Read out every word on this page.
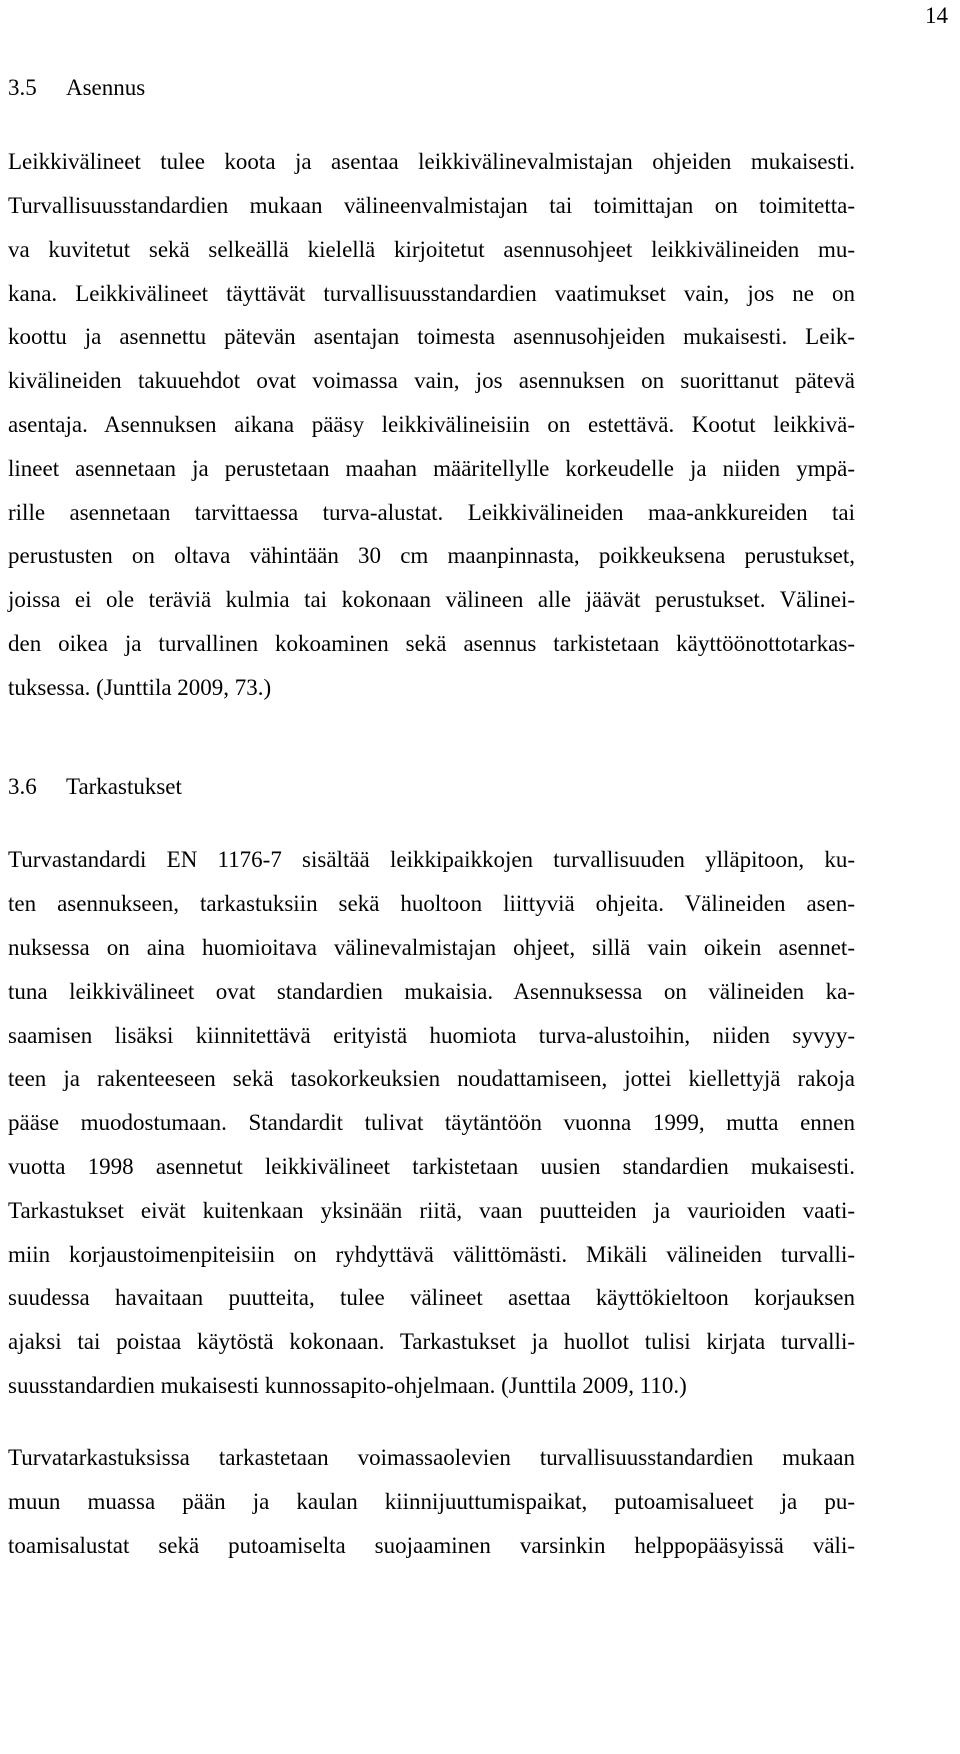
14
3.5 Asennus
Leikkivälineet tulee koota ja asentaa leikkivälinevalmistajan ohjeiden mukaisesti.
Turvallisuusstandardien mukaan välineenvalmistajan tai toimittajan on toimitetta-
va kuvitetut sekä selkeällä kielellä kirjoitetut asennusohjeet leikkivälineiden mu-
kana. Leikkivälineet täyttävät turvallisuusstandardien vaatimukset vain, jos ne on
koottu ja asennettu pätevän asentajan toimesta asennusohjeiden mukaisesti. Leik-
kivälineiden takuuehdot ovat voimassa vain, jos asennuksen on suorittanut pätevä
asentaja. Asennuksen aikana pääsy leikkivälineisiin on estettävä. Kootut leikkivä-
lineet asennetaan ja perustetaan maahan määritellylle korkeudelle ja niiden ympä-
rille asennetaan tarvittaessa turva-alustat. Leikkivälineiden maa-ankkureiden tai
perustusten on oltava vähintään 30 cm maanpinnasta, poikkeuksena perustukset,
joissa ei ole teräviä kulmia tai kokonaan välineen alle jäävät perustukset. Välinei-
den oikea ja turvallinen kokoaminen sekä asennus tarkistetaan käyttöönottotarkas-
tuksessa. (Junttila 2009, 73.)
3.6 Tarkastukset
Turvastandardi EN 1176-7 sisältää leikkipaikkojen turvallisuuden ylläpitoon, ku-
ten asennukseen, tarkastuksiin sekä huoltoon liittyviä ohjeita. Välineiden asen-
nuksessa on aina huomioitava välinevalmistajan ohjeet, sillä vain oikein asennet-
tuna leikkivälineet ovat standardien mukaisia. Asennuksessa on välineiden ka-
saamisen lisäksi kiinnitettävä erityistä huomiota turva-alustoihin, niiden syvyy-
teen ja rakenteeseen sekä tasokorkeuksien noudattamiseen, jottei kiellettyjä rakoja
pääse muodostumaan. Standardit tulivat täytäntöön vuonna 1999, mutta ennen
vuotta 1998 asennetut leikkivälineet tarkistetaan uusien standardien mukaisesti.
Tarkastukset eivät kuitenkaan yksinään riitä, vaan puutteiden ja vaurioiden vaati-
miin korjaustoimenpiteisiin on ryhdyttävä välittömästi. Mikäli välineiden turvalli-
suudessa havaitaan puutteita, tulee välineet asettaa käyttökieltoon korjauksen
ajaksi tai poistaa käytöstä kokonaan. Tarkastukset ja huollot tulisi kirjata turvalli-
suusstandardien mukaisesti kunnossapito-ohjelmaan. (Junttila 2009, 110.)
Turvatarkastuksissa tarkastetaan voimassaolevien turvallisuusstandardien mukaan
muun muassa pään ja kaulan kiinnijuuttumispaikat, putoamisalueet ja pu-
toamisalustat sekä putoamiselta suojaaminen varsinkin helppopääsyissä väli-
